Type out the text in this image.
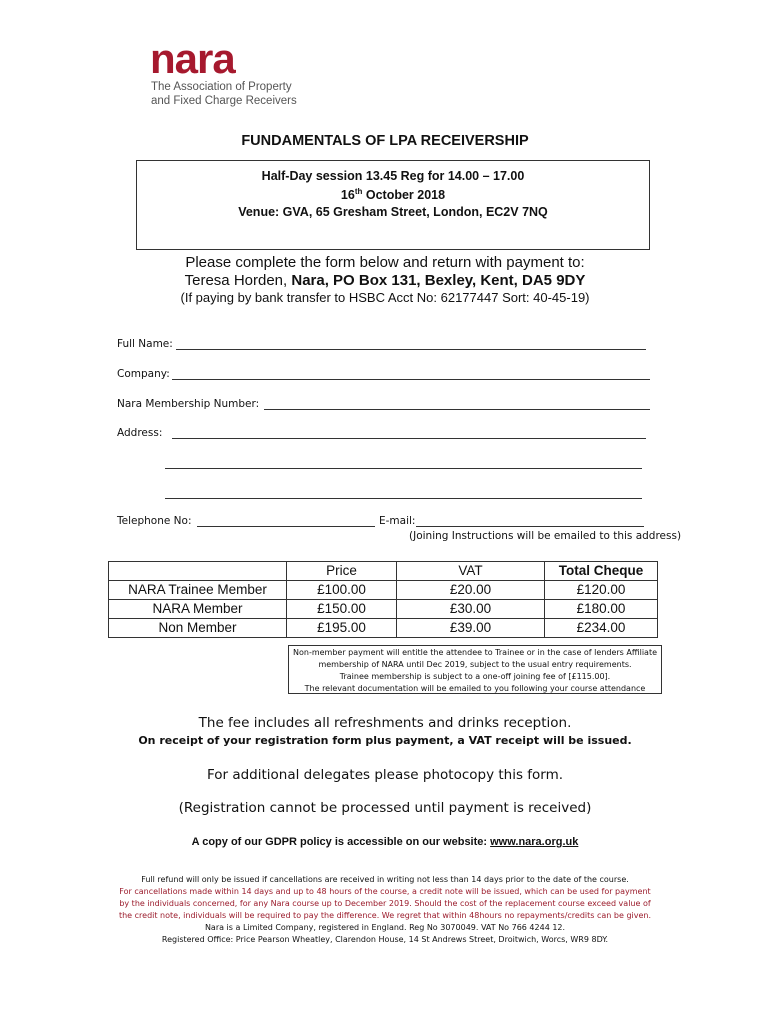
nara
The Association of Property
and Fixed Charge Receivers
FUNDAMENTALS OF LPA RECEIVERSHIP
Half-Day session 13.45 Reg for 14.00 – 17.00
16th October 2018
Venue: GVA, 65 Gresham Street, London, EC2V 7NQ
Please complete the form below and return with payment to:
Teresa Horden, Nara, PO Box 131, Bexley, Kent, DA5 9DY
(If paying by bank transfer to HSBC Acct No: 62177447 Sort: 40-45-19)
Full Name:
Company:
Nara Membership Number:
Address:
Telephone No:	E-mail:
(Joining Instructions will be emailed to this address)
	Price	VAT	Total Cheque
NARA Trainee Member	£100.00	£20.00	£120.00
NARA Member	£150.00	£30.00	£180.00
Non Member	£195.00	£39.00	£234.00
Non-member payment will entitle the attendee to Trainee or in the case of lenders Affiliate
membership of NARA until Dec 2019, subject to the usual entry requirements.
Trainee membership is subject to a one-off joining fee of [£115.00].
The relevant documentation will be emailed to you following your course attendance
The fee includes all refreshments and drinks reception.
On receipt of your registration form plus payment, a VAT receipt will be issued.
For additional delegates please photocopy this form.
(Registration cannot be processed until payment is received)
A copy of our GDPR policy is accessible on our website: www.nara.org.uk
Full refund will only be issued if cancellations are received in writing not less than 14 days prior to the date of the course.
For cancellations made within 14 days and up to 48 hours of the course, a credit note will be issued, which can be used for payment
by the individuals concerned, for any Nara course up to December 2019. Should the cost of the replacement course exceed value of
the credit note, individuals will be required to pay the difference. We regret that within 48hours no repayments/credits can be given.
Nara is a Limited Company, registered in England. Reg No 3070049. VAT No 766 4244 12.
Registered Office: Price Pearson Wheatley, Clarendon House, 14 St Andrews Street, Droitwich, Worcs, WR9 8DY.
